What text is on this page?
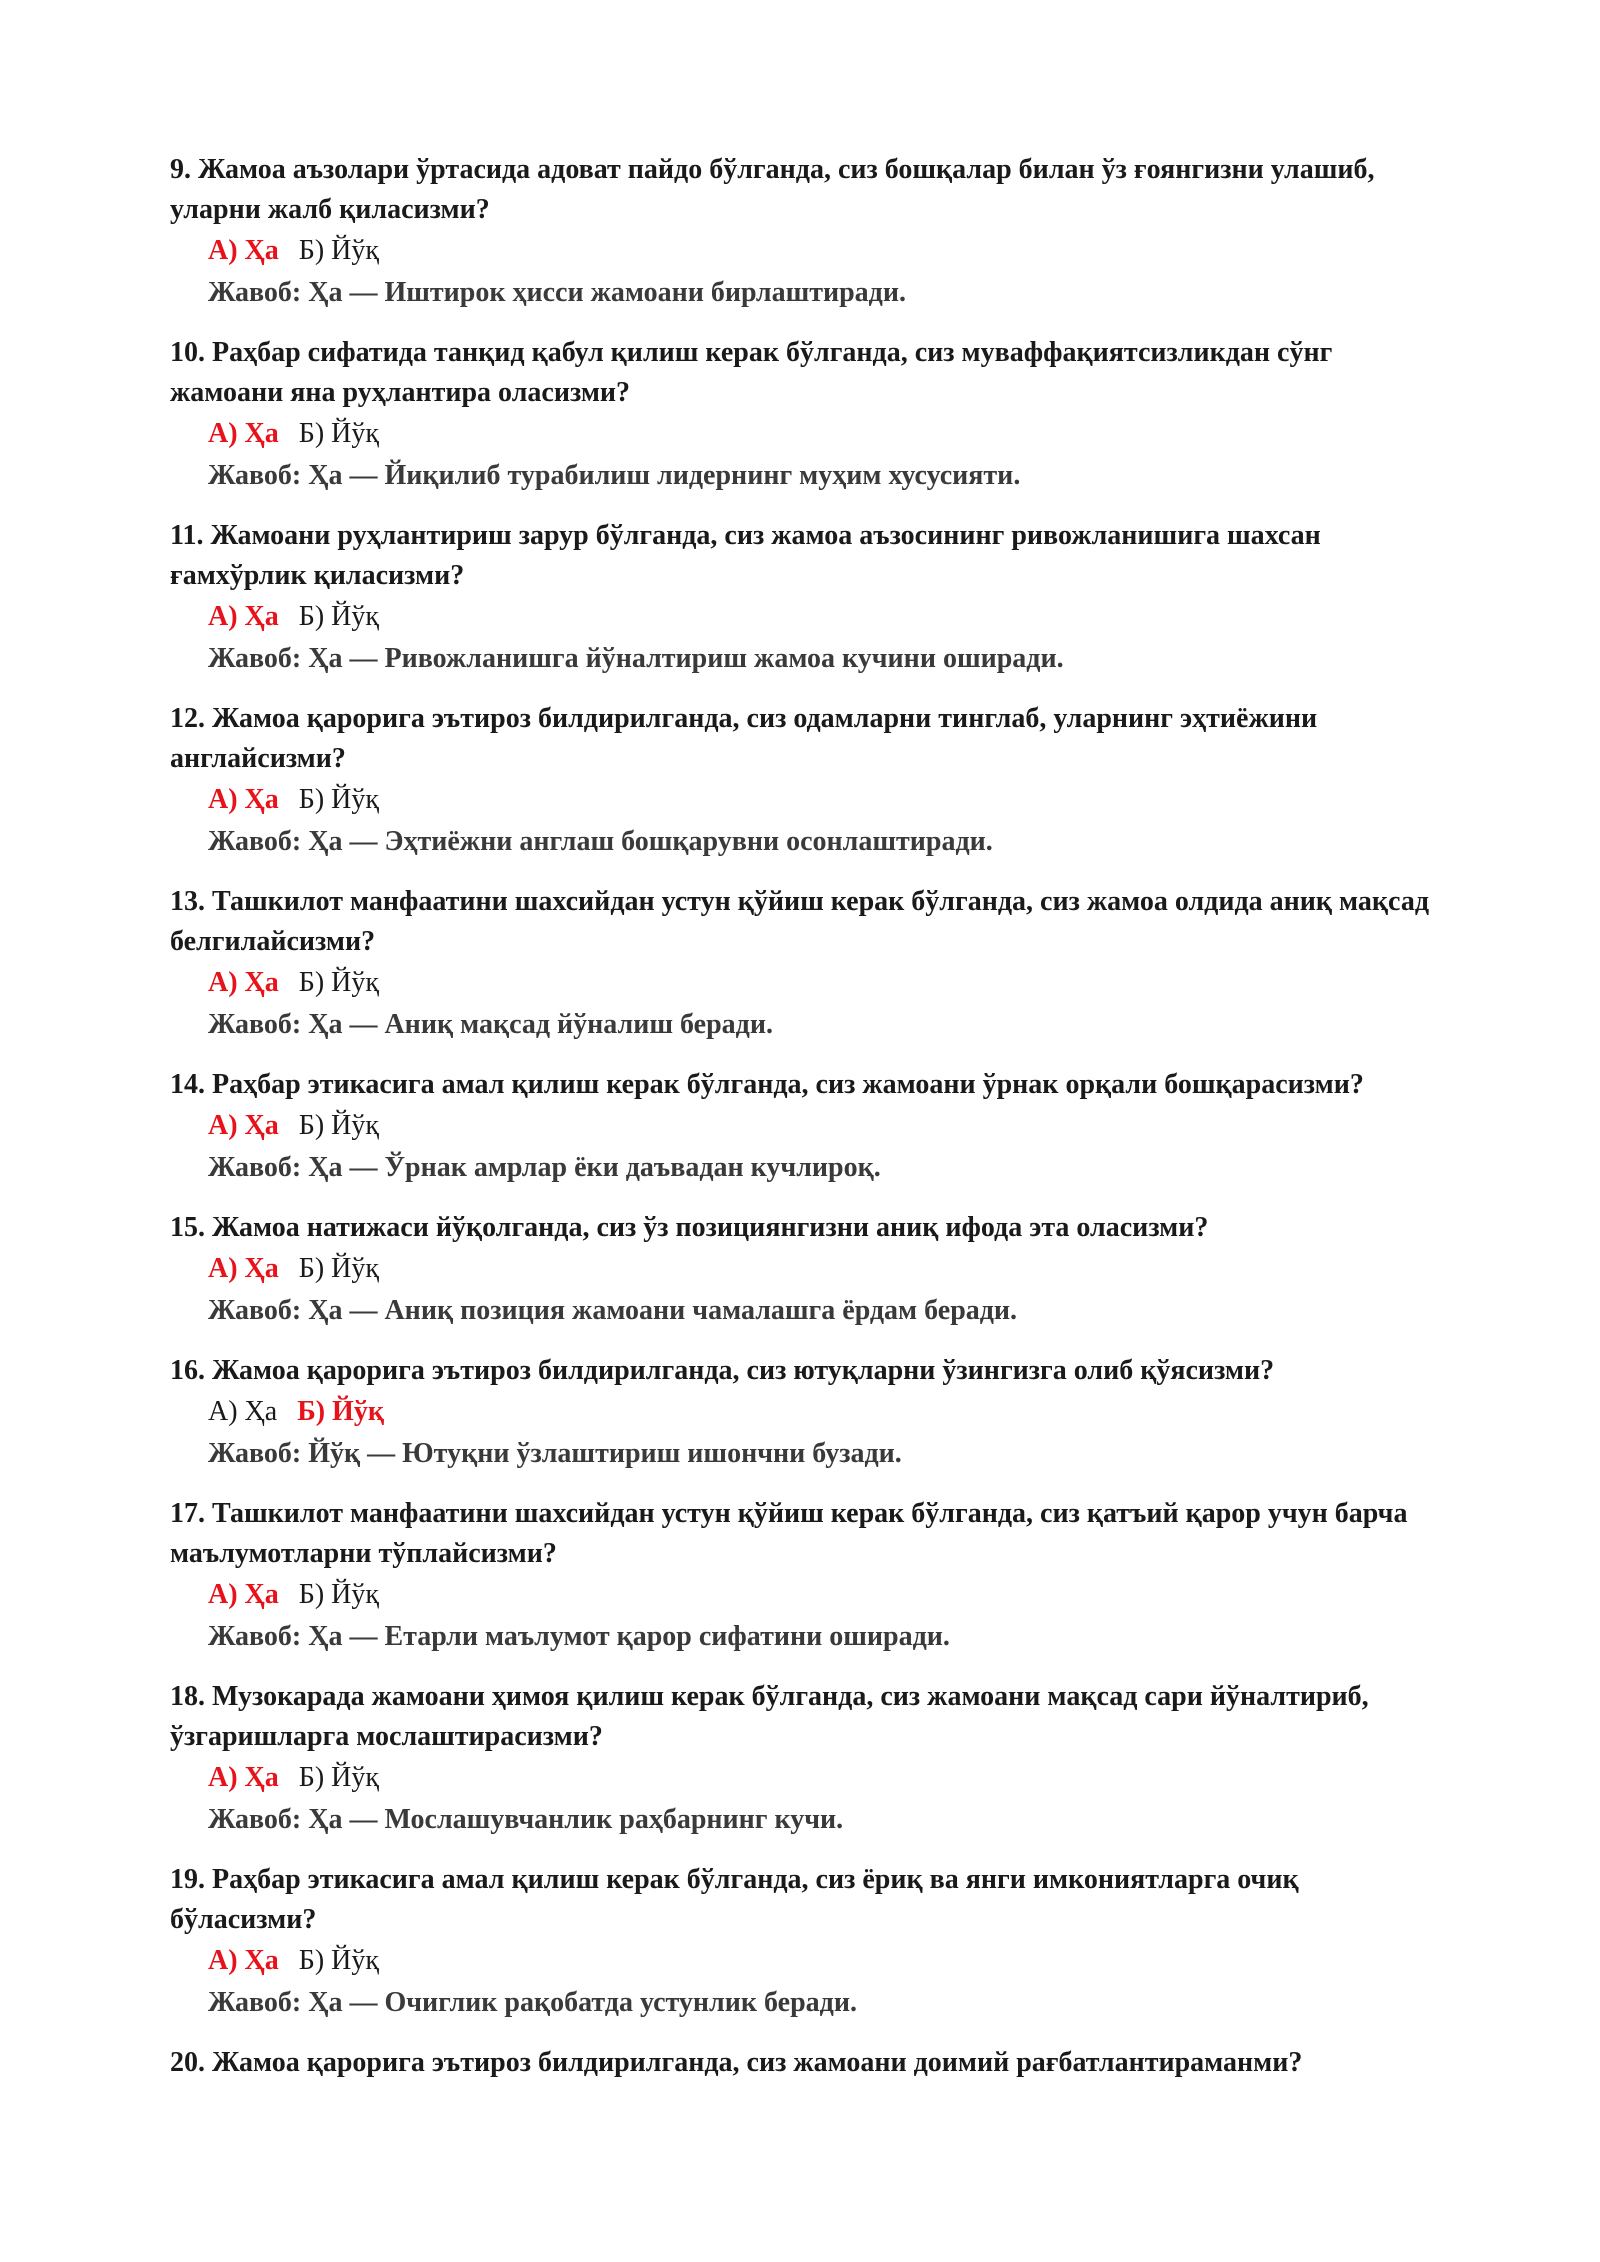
9. Жамоа аъзолари ўртасида адоват пайдо бўлганда, сиз бошқалар билан ўз ғоянгизни улашиб, уларни жалб қиласизми?

А) Ҳа Б) Йўқ

Жавоб: Ҳа — Иштирок ҳисси жамоани бирлаштиради.

10. Раҳбар сифатида танқид қабул қилиш керак бўлганда, сиз муваффақиятсизликдан сўнг жамоани яна руҳлантира оласизми?

А) Ҳа Б) Йўқ

Жавоб: Ҳа — Йиқилиб турабилиш лидернинг муҳим хусусияти.

11. Жамоани руҳлантириш зарур бўлганда, сиз жамоа аъзосининг ривожланишига шахсан ғамхўрлик қиласизми?

А) Ҳа Б) Йўқ

Жавоб: Ҳа — Ривожланишга йўналтириш жамоа кучини оширади.

12. Жамоа қарорига эътироз билдирилганда, сиз одамларни тинглаб, уларнинг эҳтиёжини англайсизми?

А) Ҳа Б) Йўқ

Жавоб: Ҳа — Эҳтиёжни англаш бошқарувни осонлаштиради.

13. Ташкилот манфаатини шахсийдан устун қўйиш керак бўлганда, сиз жамоа олдида аниқ мақсад белгилайсизми?

А) Ҳа Б) Йўқ

Жавоб: Ҳа — Аниқ мақсад йўналиш беради.

14. Раҳбар этикасига амал қилиш керак бўлганда, сиз жамоани ўрнак орқали бошқарасизми?

А) Ҳа Б) Йўқ

Жавоб: Ҳа — Ўрнак амрлар ёки даъвадан кучлироқ.

15. Жамоа натижаси йўқолганда, сиз ўз позициянгизни аниқ ифода эта оласизми?

А) Ҳа Б) Йўқ

Жавоб: Ҳа — Аниқ позиция жамоани чамалашга ёрдам беради.

16. Жамоа қарорига эътироз билдирилганда, сиз ютуқларни ўзингизга олиб қўясизми?

А) Ҳа Б) Йўқ

Жавоб: Йўқ — Ютуқни ўзлаштириш ишончни бузади.

17. Ташкилот манфаатини шахсийдан устун қўйиш керак бўлганда, сиз қатъий қарор учун барча маълумотларни тўплайсизми?

А) Ҳа Б) Йўқ

Жавоб: Ҳа — Етарли маълумот қарор сифатини оширади.

18. Музокарада жамоани ҳимоя қилиш керак бўлганда, сиз жамоани мақсад сари йўналтириб, ўзгаришларга мослаштирасизми?

А) Ҳа Б) Йўқ

Жавоб: Ҳа — Мослашувчанлик раҳбарнинг кучи.

19. Раҳбар этикасига амал қилиш керак бўлганда, сиз ёриқ ва янги имкониятларга очиқ бўласизми?

А) Ҳа Б) Йўқ

Жавоб: Ҳа — Очиглик рақобатда устунлик беради.

20. Жамоа қарорига эътироз билдирилганда, сиз жамоани доимий рағбатлантираманми?
